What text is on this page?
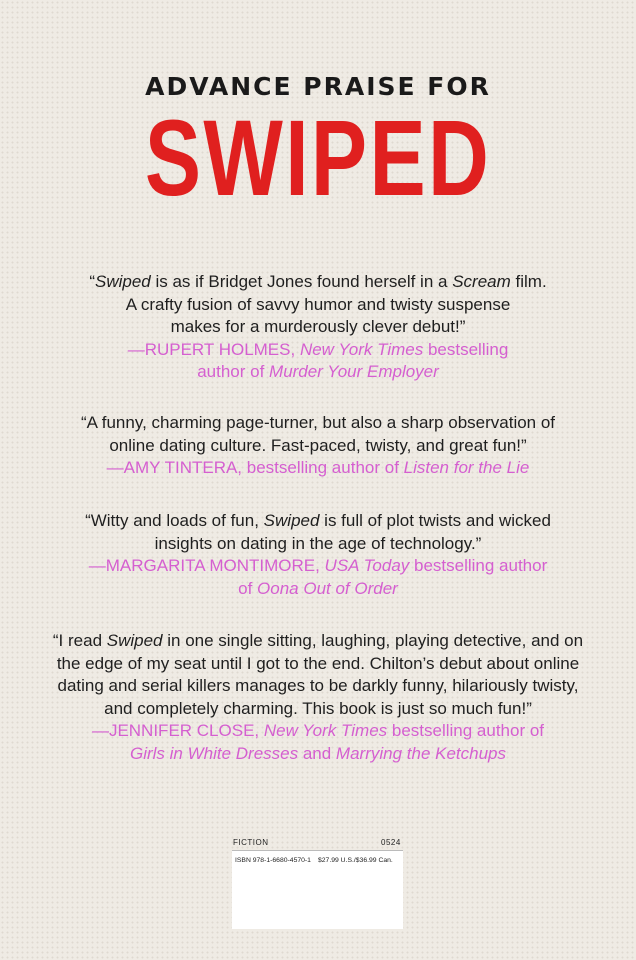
ADVANCE PRAISE FOR
SWIPED
“Swiped is as if Bridget Jones found herself in a Scream film.
A crafty fusion of savvy humor and twisty suspense
makes for a murderously clever debut!”
—RUPERT HOLMES, New York Times bestselling
author of Murder Your Employer
“A funny, charming page-turner, but also a sharp observation of
online dating culture. Fast-paced, twisty, and great fun!”
—AMY TINTERA, bestselling author of Listen for the Lie
“Witty and loads of fun, Swiped is full of plot twists and wicked
insights on dating in the age of technology.”
—MARGARITA MONTIMORE, USA Today bestselling author
of Oona Out of Order
“I read Swiped in one single sitting, laughing, playing detective, and on
the edge of my seat until I got to the end. Chilton’s debut about online
dating and serial killers manages to be darkly funny, hilariously twisty,
and completely charming. This book is just so much fun!”
—JENNIFER CLOSE, New York Times bestselling author of
Girls in White Dresses and Marrying the Ketchups
FICTION	0524
ISBN 978-1-6680-4570-1 $27.99 U.S./$36.99 Can.
